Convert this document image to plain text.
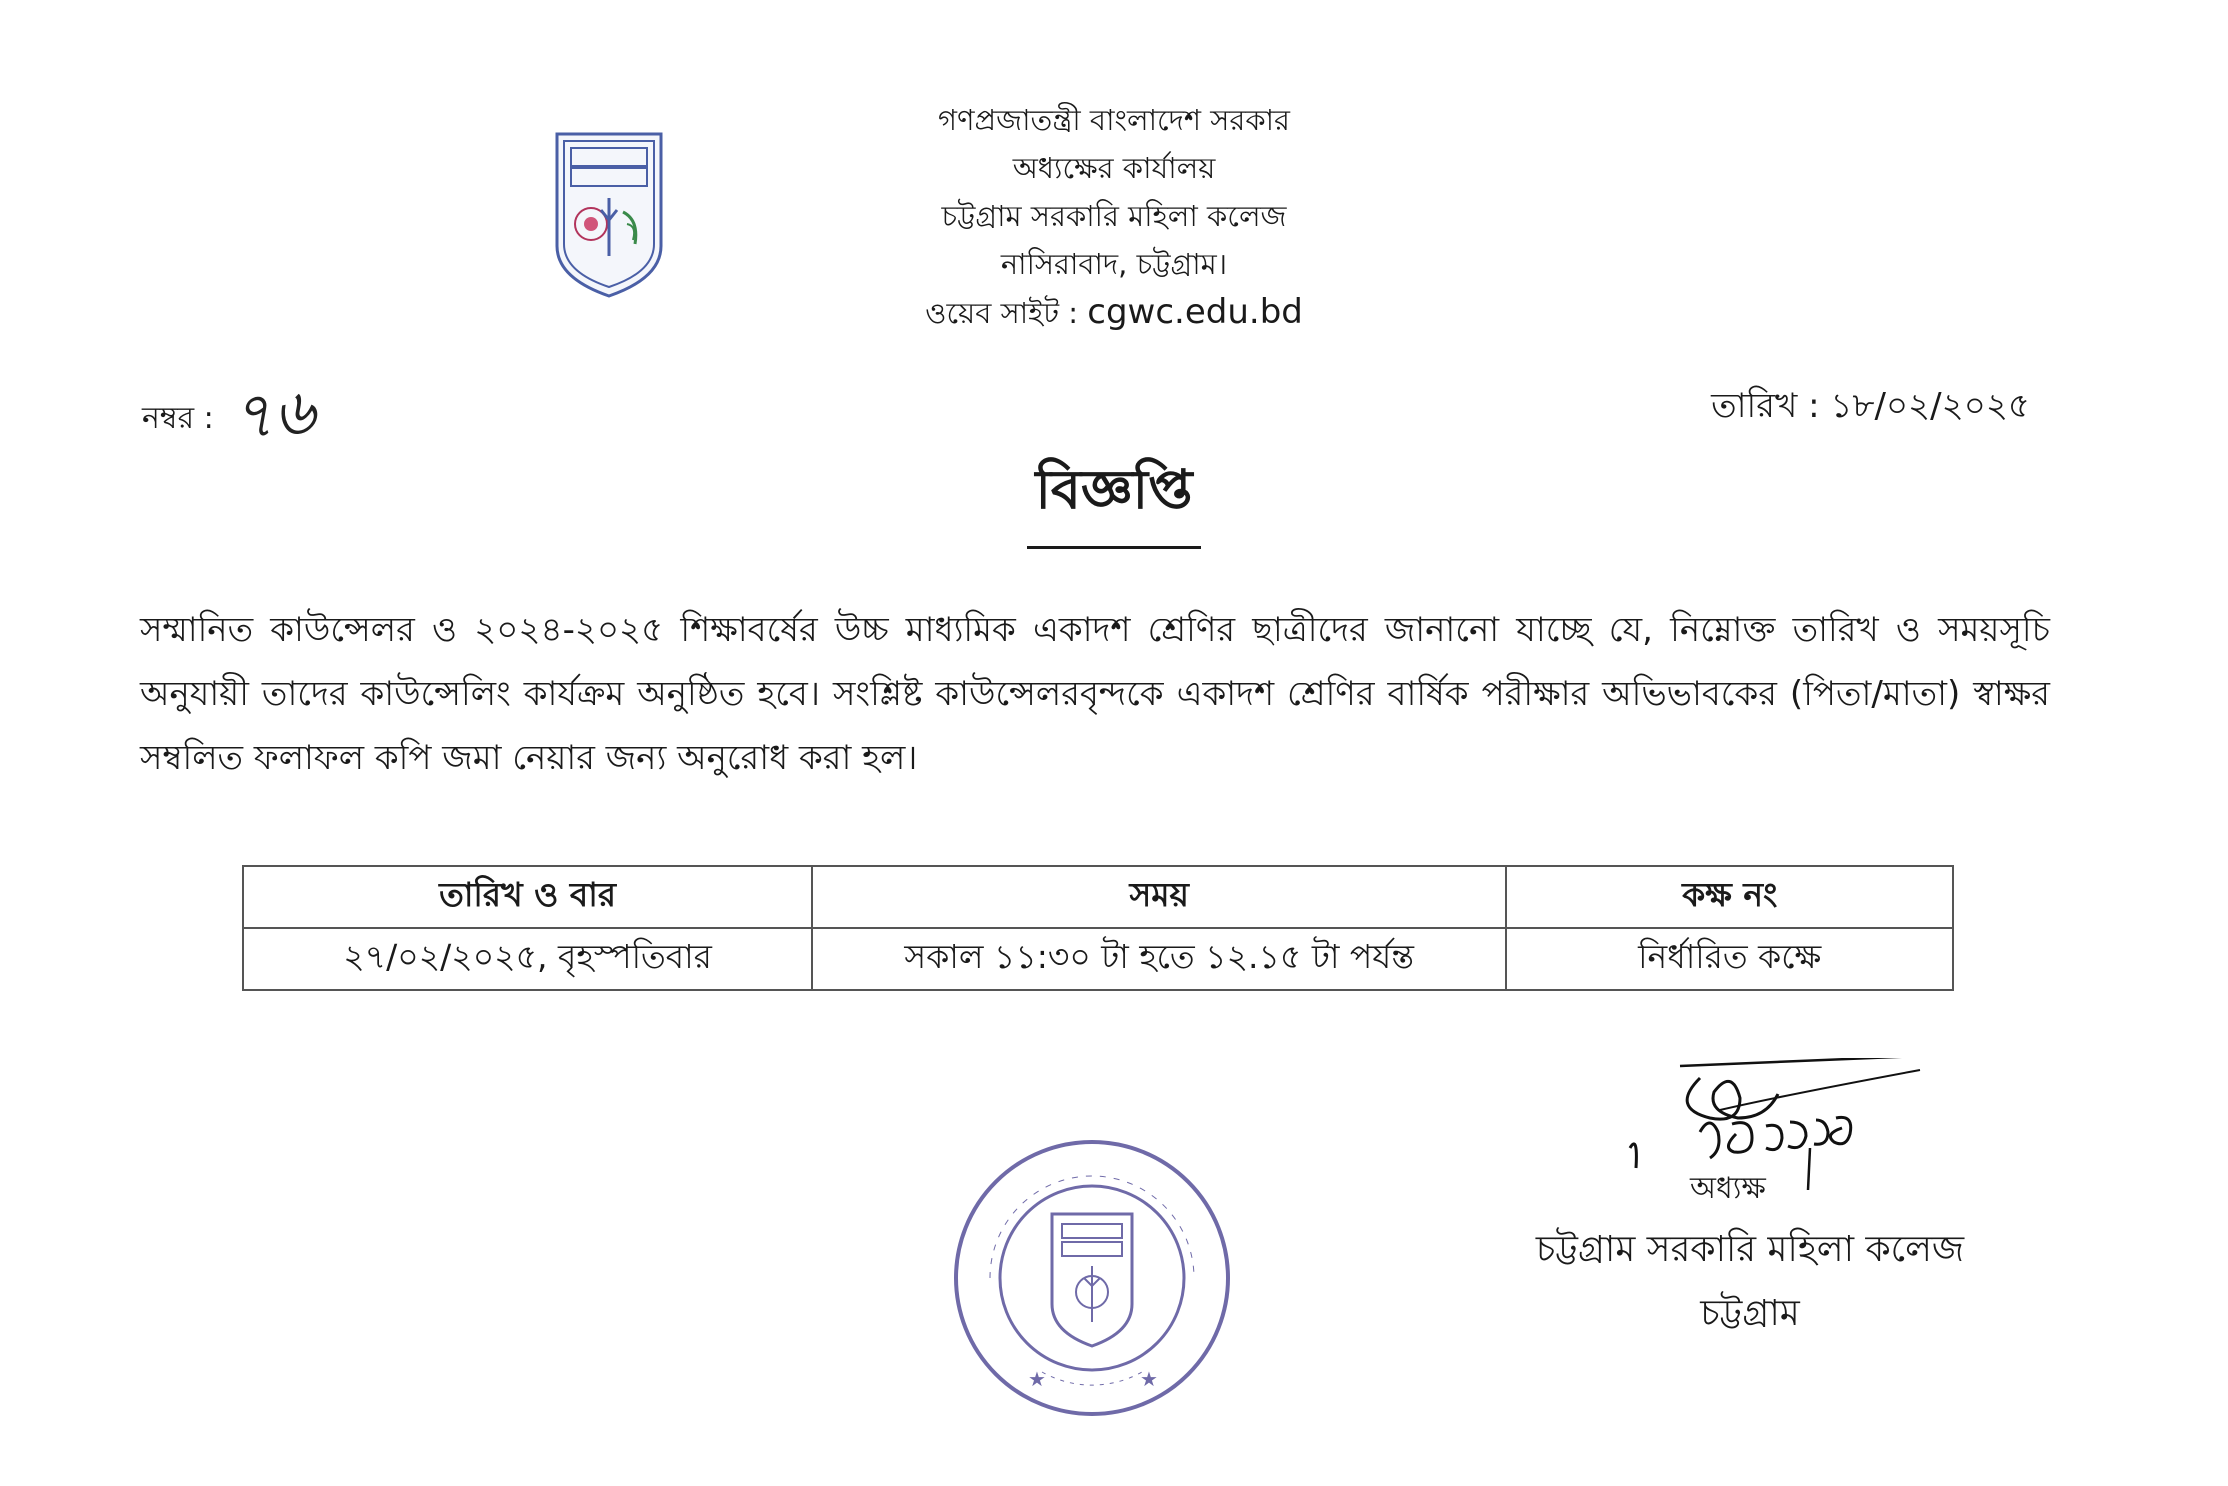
গণপ্রজাতন্ত্রী বাংলাদেশ সরকার
অধ্যক্ষের কার্যালয়
চট্টগ্রাম সরকারি মহিলা কলেজ
নাসিরাবাদ, চট্টগ্রাম।
ওয়েব সাইট : cgwc.edu.bd
নম্বর : ৭৬	তারিখ : ১৮/০২/২০২৫
বিজ্ঞপ্তি
সম্মানিত কাউন্সেলর ও ২০২৪-২০২৫ শিক্ষাবর্ষের উচ্চ মাধ্যমিক একাদশ শ্রেণির ছাত্রীদের জানানো যাচ্ছে যে, নিম্নোক্ত তারিখ ও সময়সূচি অনুযায়ী তাদের কাউন্সেলিং কার্যক্রম অনুষ্ঠিত হবে। সংশ্লিষ্ট কাউন্সেলরবৃন্দকে একাদশ শ্রেণির বার্ষিক পরীক্ষার অভিভাবকের (পিতা/মাতা) স্বাক্ষর সম্বলিত ফলাফল কপি জমা নেয়ার জন্য অনুরোধ করা হল।
তারিখ ও বার	সময়	কক্ষ নং
২৭/০২/২০২৫, বৃহস্পতিবার	সকাল ১১:৩০ টা হতে ১২.১৫ টা পর্যন্ত	নির্ধারিত কক্ষে
অধ্যক্ষ
চট্টগ্রাম সরকারি মহিলা কলেজ
চট্টগ্রাম
★	★
